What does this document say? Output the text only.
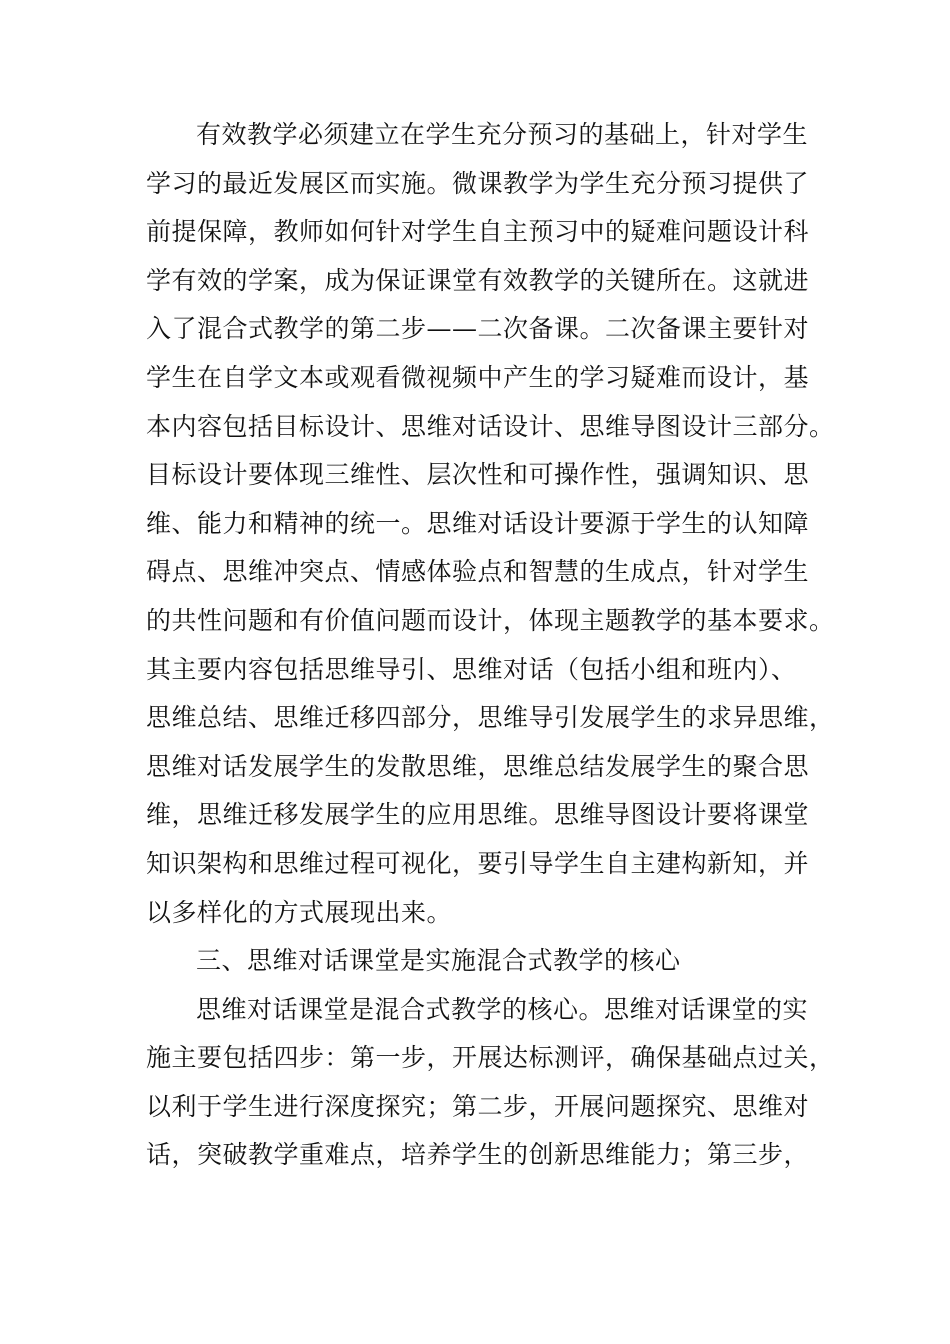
有效教学必须建立在学生充分预习的基础上，针对学生
学习的最近发展区而实施。微课教学为学生充分预习提供了
前提保障，教师如何针对学生自主预习中的疑难问题设计科
学有效的学案，成为保证课堂有效教学的关键所在。这就进
入了混合式教学的第二步——二次备课。二次备课主要针对
学生在自学文本或观看微视频中产生的学习疑难而设计，基
本内容包括目标设计、思维对话设计、思维导图设计三部分。
目标设计要体现三维性、层次性和可操作性，强调知识、思
维、能力和精神的统一。思维对话设计要源于学生的认知障
碍点、思维冲突点、情感体验点和智慧的生成点，针对学生
的共性问题和有价值问题而设计，体现主题教学的基本要求。
其主要内容包括思维导引、思维对话（包括小组和班内）、
思维总结、思维迁移四部分，思维导引发展学生的求异思维，
思维对话发展学生的发散思维，思维总结发展学生的聚合思
维，思维迁移发展学生的应用思维。思维导图设计要将课堂
知识架构和思维过程可视化，要引导学生自主建构新知，并
以多样化的方式展现出来。
三、思维对话课堂是实施混合式教学的核心
思维对话课堂是混合式教学的核心。思维对话课堂的实
施主要包括四步：第一步，开展达标测评，确保基础点过关，
以利于学生进行深度探究；第二步，开展问题探究、思维对
话，突破教学重难点，培养学生的创新思维能力；第三步，
